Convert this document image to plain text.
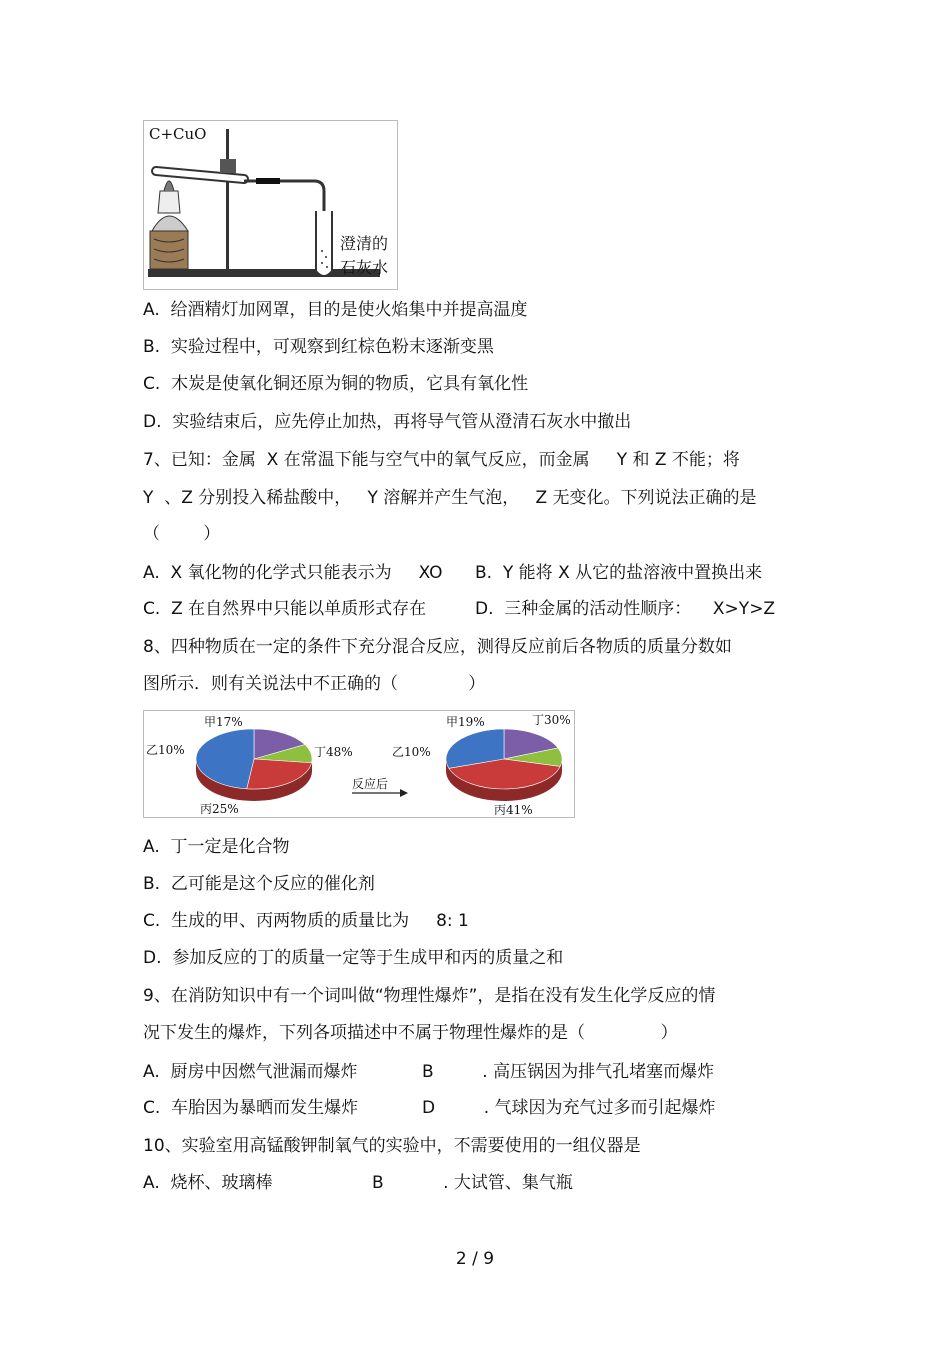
C+CuO
澄清的
石灰水
A. 给酒精灯加网罩，目的是使火焰集中并提高温度
B. 实验过程中，可观察到红棕色粉末逐渐变黑
C. 木炭是使氧化铜还原为铜的物质，它具有氧化性
D. 实验结束后，应先停止加热，再将导气管从澄清石灰水中撤出
7、已知：金属  X 在常温下能与空气中的氧气反应，而金属     Y 和 Z 不能；将
Y  、Z 分别投入稀盐酸中，   Y 溶解并产生气泡，   Z 无变化。下列说法正确的是
（        ）
A.  X 氧化物的化学式只能表示为     XO B.  Y 能将 X 从它的盐溶液中置换出来
C.  Z 在自然界中只能以单质形式存在	D.  三种金属的活动性顺序：    X>Y>Z
8、四种物质在一定的条件下充分混合反应，测得反应前后各物质的质量分数如
图所示．则有关说法中不正确的（             ）
甲17%
乙10%
丙25%
丁48%
甲19%
乙10%
丙41%
丁30%
反应后
A. 丁一定是化合物
B. 乙可能是这个反应的催化剂
C. 生成的甲、丙两物质的质量比为     8: 1
D. 参加反应的丁的质量一定等于生成甲和丙的质量之和
9、在消防知识中有一个词叫做“物理性爆炸”，是指在没有发生化学反应的情
况下发生的爆炸，下列各项描述中不属于物理性爆炸的是（              ）
A.  厨房中因燃气泄漏而爆炸	B         . 高压锅因为排气孔堵塞而爆炸
C.  车胎因为暴晒而发生爆炸	D         . 气球因为充气过多而引起爆炸
10、实验室用高锰酸钾制氧气的实验中，不需要使用的一组仪器是
A.  烧杯、玻璃棒	B           . 大试管、集气瓶
2 / 9
